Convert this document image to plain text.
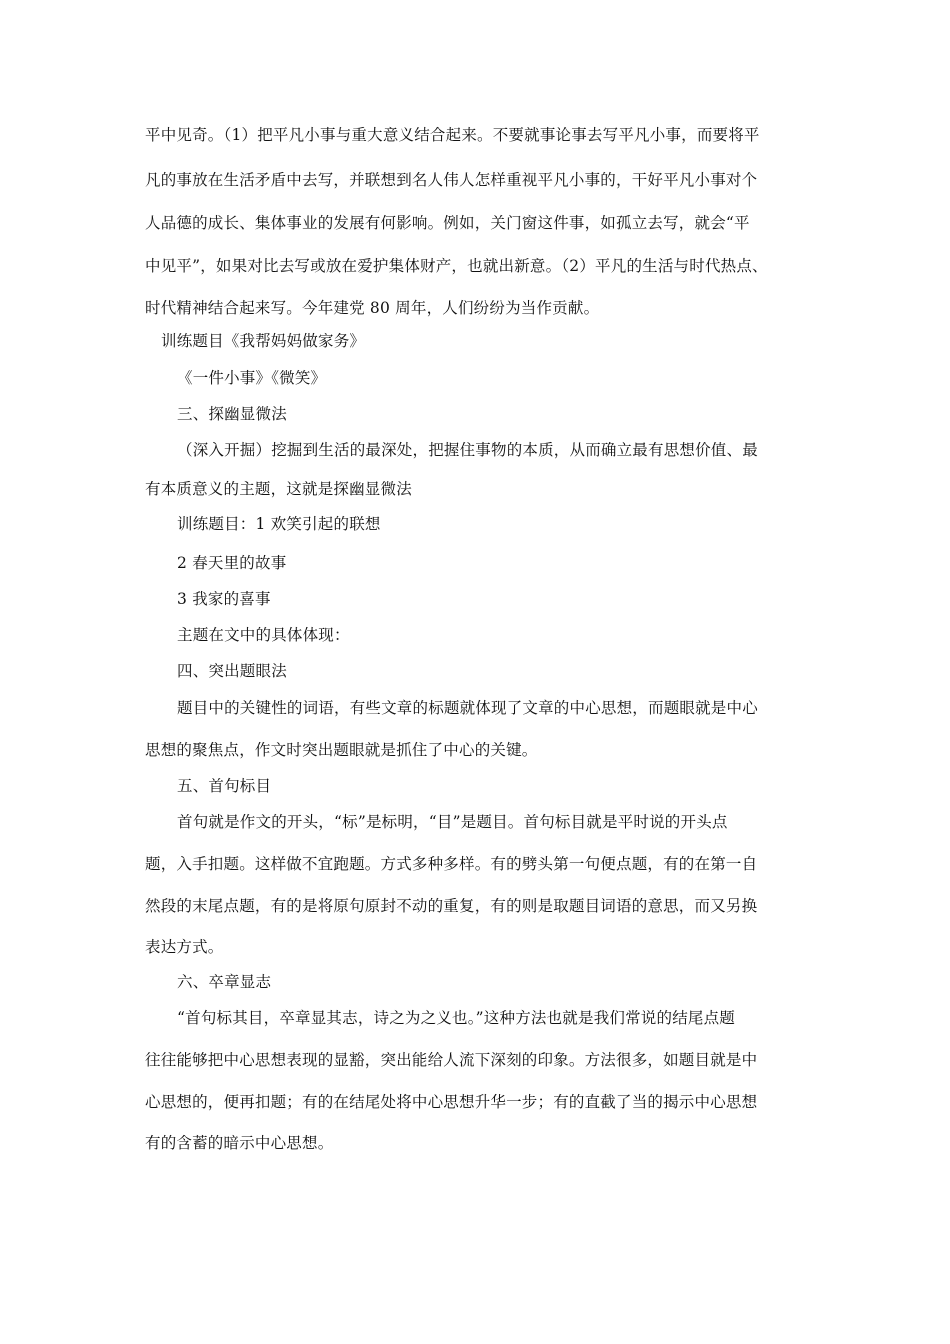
平中见奇。（1）把平凡小事与重大意义结合起来。不要就事论事去写平凡小事，而要将平
凡的事放在生活矛盾中去写，并联想到名人伟人怎样重视平凡小事的，干好平凡小事对个
人品德的成长、集体事业的发展有何影响。例如，关门窗这件事，如孤立去写，就会“平
中见平”，如果对比去写或放在爱护集体财产，也就出新意。（2）平凡的生活与时代热点、
时代精神结合起来写。今年建党 80 周年，人们纷纷为当作贡献。
训练题目《我帮妈妈做家务》
《一件小事》《微笑》
三、探幽显微法
（深入开掘）挖掘到生活的最深处，把握住事物的本质，从而确立最有思想价值、最
有本质意义的主题，这就是探幽显微法
训练题目：1 欢笑引起的联想
2 春天里的故事
3 我家的喜事
主题在文中的具体体现：
四、突出题眼法
题目中的关键性的词语，有些文章的标题就体现了文章的中心思想，而题眼就是中心
思想的聚焦点，作文时突出题眼就是抓住了中心的关键。
五、首句标目
首句就是作文的开头，“标”是标明，“目”是题目。首句标目就是平时说的开头点
题，入手扣题。这样做不宜跑题。方式多种多样。有的劈头第一句便点题，有的在第一自
然段的末尾点题，有的是将原句原封不动的重复，有的则是取题目词语的意思，而又另换
表达方式。
六、卒章显志
“首句标其目，卒章显其志，诗之为之义也。”这种方法也就是我们常说的结尾点题
往往能够把中心思想表现的显豁，突出能给人流下深刻的印象。方法很多，如题目就是中
心思想的，便再扣题；有的在结尾处将中心思想升华一步；有的直截了当的揭示中心思想
有的含蓄的暗示中心思想。
